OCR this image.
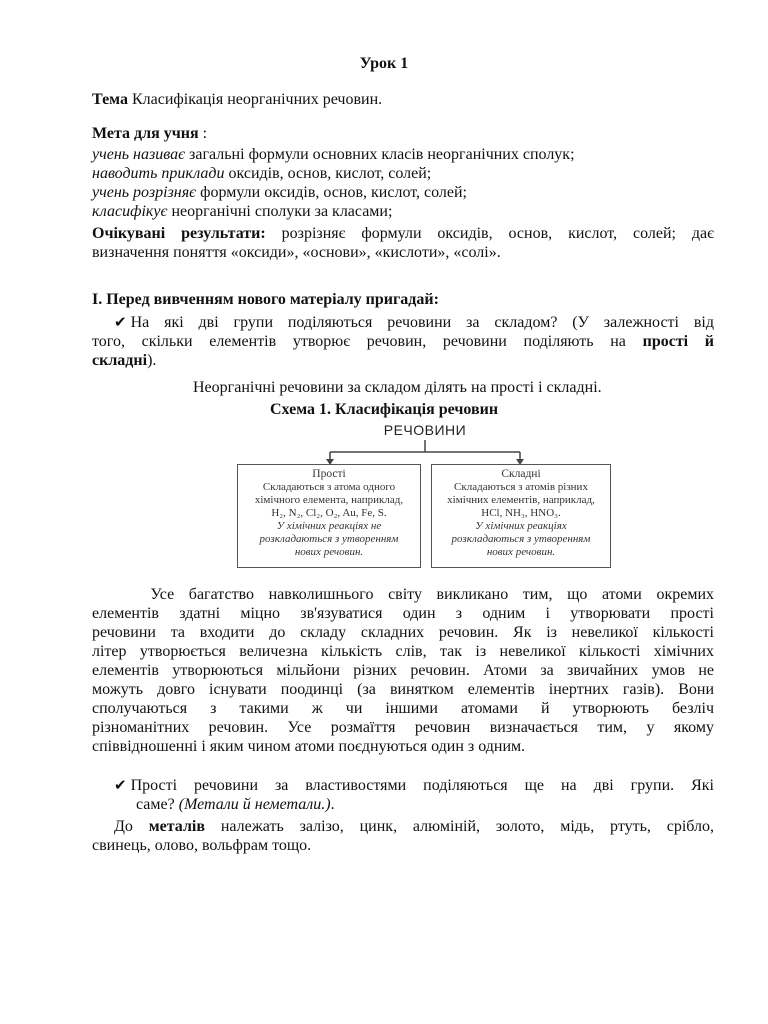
Урок 1
Тема Класифікація неорганічних речовин.
Мета для учня :
учень називає загальні формули основних класів неорганічних сполук;
наводить приклади оксидів, основ, кислот, солей;
учень розрізняє формули оксидів, основ, кислот, солей;
класифікує неорганічні сполуки за класами;
Очікувані результати: розрізняє формули оксидів, основ, кислот, солей; дає
визначення поняття «оксиди», «основи», «кислоти», «солі».
І. Перед вивченням нового матеріалу пригадай:
✔ На які дві групи поділяються речовини за складом? (У залежності від
того, скільки елементів утворює речовин, речовини поділяють на прості й
складні).
Неорганічні речовини за складом ділять на прості і складні.
Схема 1. Класифікація речовин
РЕЧОВИНИ
Прості
Складаються з атома одного
хімічного елемента, наприклад,
H₂, N₂, Cl₂, O₂, Au, Fe, S.
У хімічних реакціях не
розкладаються з утворенням
нових речовин.
Складні
Складаються з атомів різних
хімічних елементів, наприклад,
HCl, NH₃, HNO₃.
У хімічних реакціях
розкладаються з утворенням
нових речовин.
Усе багатство навколишнього світу викликано тим, що атоми окремих
елементів здатні міцно зв'язуватися один з одним і утворювати прості
речовини та входити до складу складних речовин. Як із невеликої кількості
літер утворюється величезна кількість слів, так із невеликої кількості хімічних
елементів утворюються мільйони різних речовин. Атоми за звичайних умов не
можуть довго існувати поодинці (за винятком елементів інертних газів). Вони
сполучаються з такими ж чи іншими атомами й утворюють безліч
різноманітних речовин. Усе розмаїття речовин визначається тим, у якому
співвідношенні і яким чином атоми поєднуються один з одним.
✔ Прості речовини за властивостями поділяються ще на дві групи. Які
саме? (Метали й неметали.).
До металів належать залізо, цинк, алюміній, золото, мідь, ртуть, срібло,
свинець, олово, вольфрам тощо.
